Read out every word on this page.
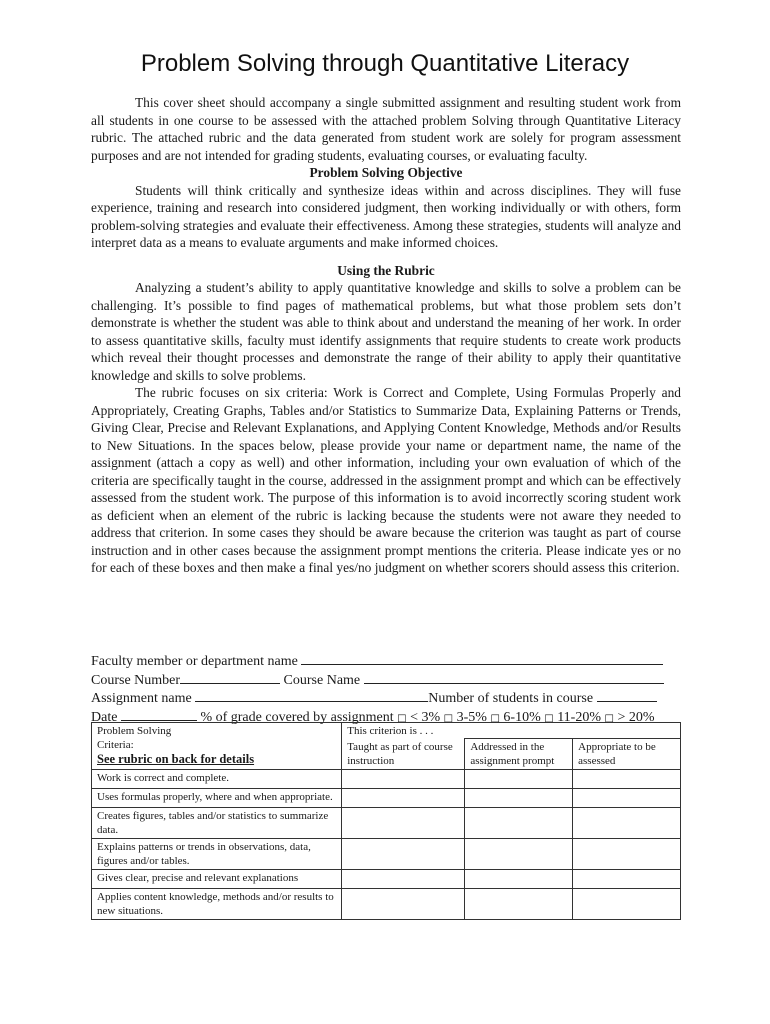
Problem Solving through Quantitative Literacy

This cover sheet should accompany a single submitted assignment and resulting student work from all students in one course to be assessed with the attached problem Solving through Quantitative Literacy rubric. The attached rubric and the data generated from student work are solely for program assessment purposes and are not intended for grading students, evaluating courses, or evaluating faculty.

Problem Solving Objective

Students will think critically and synthesize ideas within and across disciplines. They will fuse experience, training and research into considered judgment, then working individually or with others, form problem-solving strategies and evaluate their effectiveness. Among these strategies, students will analyze and interpret data as a means to evaluate arguments and make informed choices.

Using the Rubric

Analyzing a student’s ability to apply quantitative knowledge and skills to solve a problem can be challenging. It’s possible to find pages of mathematical problems, but what those problem sets don’t demonstrate is whether the student was able to think about and understand the meaning of her work. In order to assess quantitative skills, faculty must identify assignments that require students to create work products which reveal their thought processes and demonstrate the range of their ability to apply their quantitative knowledge and skills to solve problems.

The rubric focuses on six criteria: Work is Correct and Complete, Using Formulas Properly and Appropriately, Creating Graphs, Tables and/or Statistics to Summarize Data, Explaining Patterns or Trends, Giving Clear, Precise and Relevant Explanations, and Applying Content Knowledge, Methods and/or Results to New Situations. In the spaces below, please provide your name or department name, the name of the assignment (attach a copy as well) and other information, including your own evaluation of which of the criteria are specifically taught in the course, addressed in the assignment prompt and which can be effectively assessed from the student work. The purpose of this information is to avoid incorrectly scoring student work as deficient when an element of the rubric is lacking because the students were not aware they needed to address that criterion. In some cases they should be aware because the criterion was taught as part of course instruction and in other cases because the assignment prompt mentions the criteria. Please indicate yes or no for each of these boxes and then make a final yes/no judgment on whether scorers should assess this criterion.

Faculty member or department name
Course Number	Course Name
Assignment name	Number of students in course
Date	% of grade covered by assignment □ < 3% □ 3-5% □ 6-10% □ 11-20% □ > 20%
Problem Solving
Criteria:
See rubric on back for details	This criterion is . . .		
	Taught as part of course instruction	Addressed in the assignment prompt	Appropriate to be assessed
Work is correct and complete.			
Uses formulas properly, where and when appropriate.			
Creates figures, tables and/or statistics to summarize data.			
Explains patterns or trends in observations, data, figures and/or tables.			
Gives clear, precise and relevant explanations			
Applies content knowledge, methods and/or results to new situations.			
